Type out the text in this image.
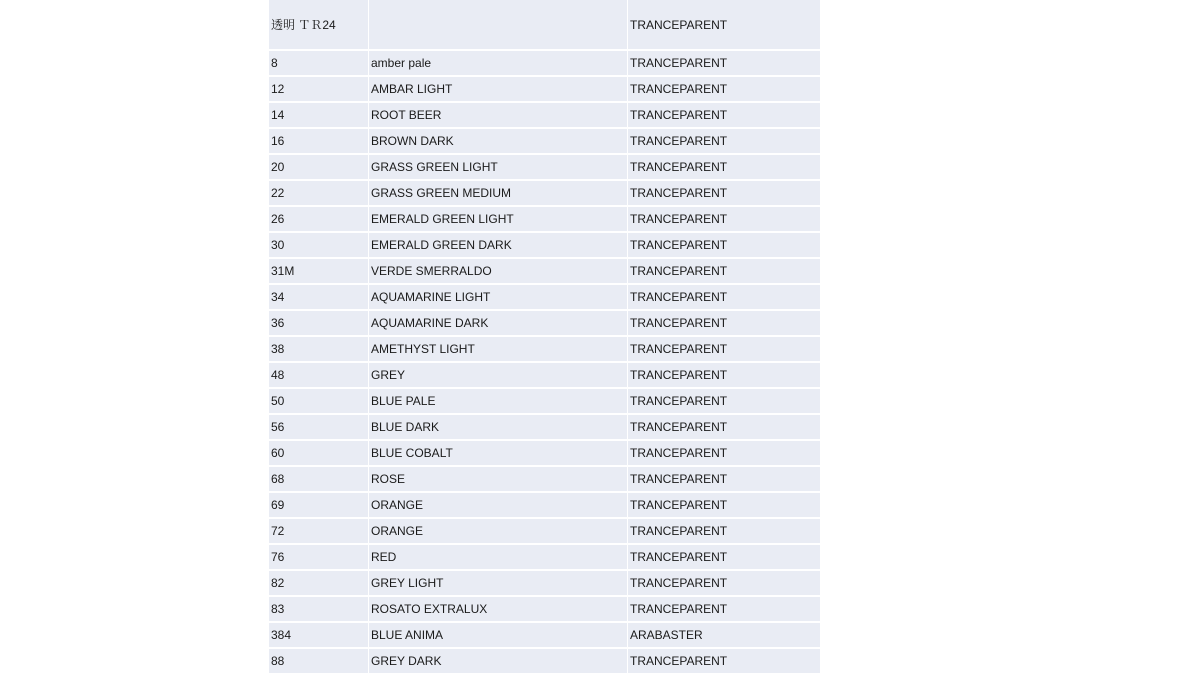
透明 ＴＲ24		TRANCEPARENT
8	amber pale	TRANCEPARENT
12	AMBAR LIGHT	TRANCEPARENT
14	ROOT BEER	TRANCEPARENT
16	BROWN DARK	TRANCEPARENT
20	GRASS GREEN LIGHT	TRANCEPARENT
22	GRASS GREEN MEDIUM	TRANCEPARENT
26	EMERALD GREEN LIGHT	TRANCEPARENT
30	EMERALD GREEN DARK	TRANCEPARENT
31M	VERDE SMERRALDO	TRANCEPARENT
34	AQUAMARINE LIGHT	TRANCEPARENT
36	AQUAMARINE DARK	TRANCEPARENT
38	AMETHYST LIGHT	TRANCEPARENT
48	GREY	TRANCEPARENT
50	BLUE PALE	TRANCEPARENT
56	BLUE DARK	TRANCEPARENT
60	BLUE COBALT	TRANCEPARENT
68	ROSE	TRANCEPARENT
69	ORANGE	TRANCEPARENT
72	ORANGE	TRANCEPARENT
76	RED	TRANCEPARENT
82	GREY LIGHT	TRANCEPARENT
83	ROSATO EXTRALUX	TRANCEPARENT
384	BLUE ANIMA	ARABASTER
88	GREY DARK	TRANCEPARENT
